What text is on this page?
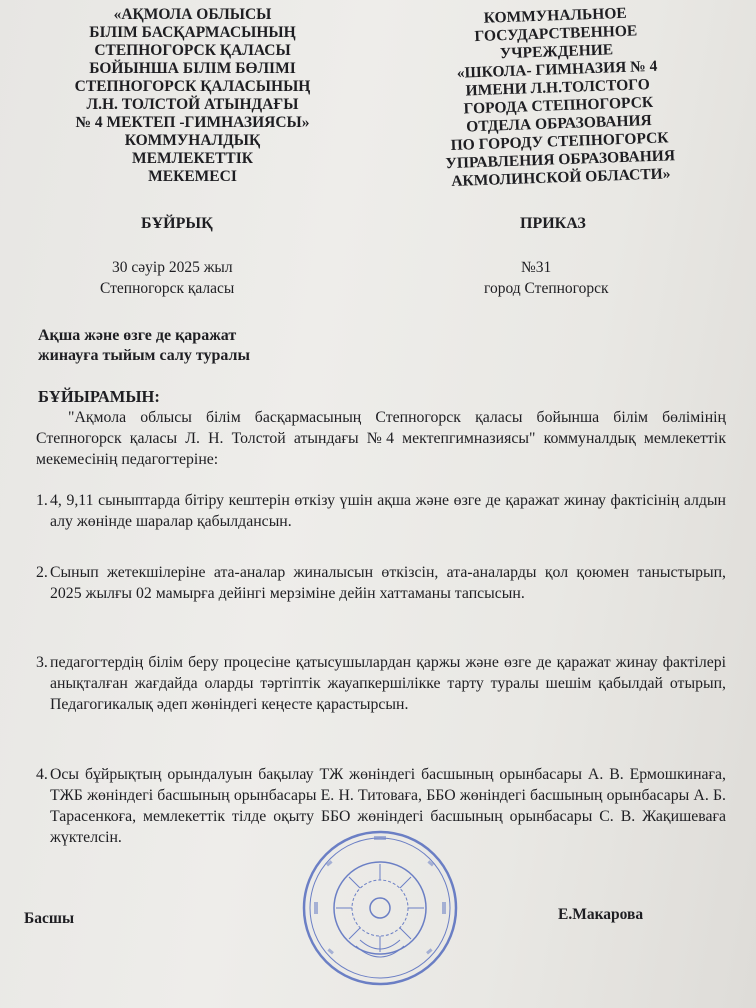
«АҚМОЛА ОБЛЫСЫ
БІЛІМ БАСҚАРМАСЫНЫҢ
СТЕПНОГОРСК ҚАЛАСЫ
БОЙЫНША БІЛІМ БӨЛІМІ
СТЕПНОГОРСК ҚАЛАСЫНЫҢ
Л.Н. ТОЛСТОЙ АТЫНДАҒЫ
№ 4 МЕКТЕП -ГИМНАЗИЯСЫ»
КОММУНАЛДЫҚ
МЕМЛЕКЕТТІК
МЕКЕМЕСІ
КОММУНАЛЬНОЕ
ГОСУДАРСТВЕННОЕ
УЧРЕЖДЕНИЕ
«ШКОЛА- ГИМНАЗИЯ № 4
ИМЕНИ Л.Н.ТОЛСТОГО
ГОРОДА СТЕПНОГОРСК
ОТДЕЛА ОБРАЗОВАНИЯ
ПО ГОРОДУ СТЕПНОГОРСК
УПРАВЛЕНИЯ ОБРАЗОВАНИЯ
АКМОЛИНСКОЙ ОБЛАСТИ»
БҰЙРЫҚ	ПРИКАЗ
30 сәуір 2025 жыл
Степногорск қаласы
№31
город Степногорск
Ақша және өзге де қаражат
жинауға тыйым салу туралы
БҰЙЫРАМЫН:

"Ақмола облысы білім басқармасының Степногорск қаласы бойынша білім бөлімінің Степногорск қаласы Л. Н. Толстой атындағы №4 мектепгимназиясы" коммуналдық мемлекеттік мекемесінің педагогтеріне:

1. 4, 9,11 сыныптарда бітіру кештерін өткізу үшін ақша және өзге де қаражат жинау фактісінің алдын алу жөнінде шаралар қабылдансын.
2. Сынып жетекшілеріне ата-аналар жиналысын өткізсін, ата-аналарды қол қоюмен таныстырып, 2025 жылғы 02 мамырға дейінгі мерзіміне дейін хаттаманы тапсысын.
3. педагогтердің білім беру процесіне қатысушылардан қаржы және өзге де қаражат жинау фактілері анықталған жағдайда оларды тәртіптік жауапкершілікке тарту туралы шешім қабылдай отырып, Педагогикалық әдеп жөніндегі кеңесте қарастырсын.
4. Осы бұйрықтың орындалуын бақылау ТЖ жөніндегі басшының орынбасары А. В. Ермошкинаға, ТЖБ жөніндегі басшының орынбасары Е. Н. Титоваға, ББО жөніндегі басшының орынбасары А. Б. Тарасенкоға, мемлекеттік тілде оқыту ББО жөніндегі басшының орынбасары С. В. Жақишеваға жүктелсін.
Басшы	Е.Макарова
